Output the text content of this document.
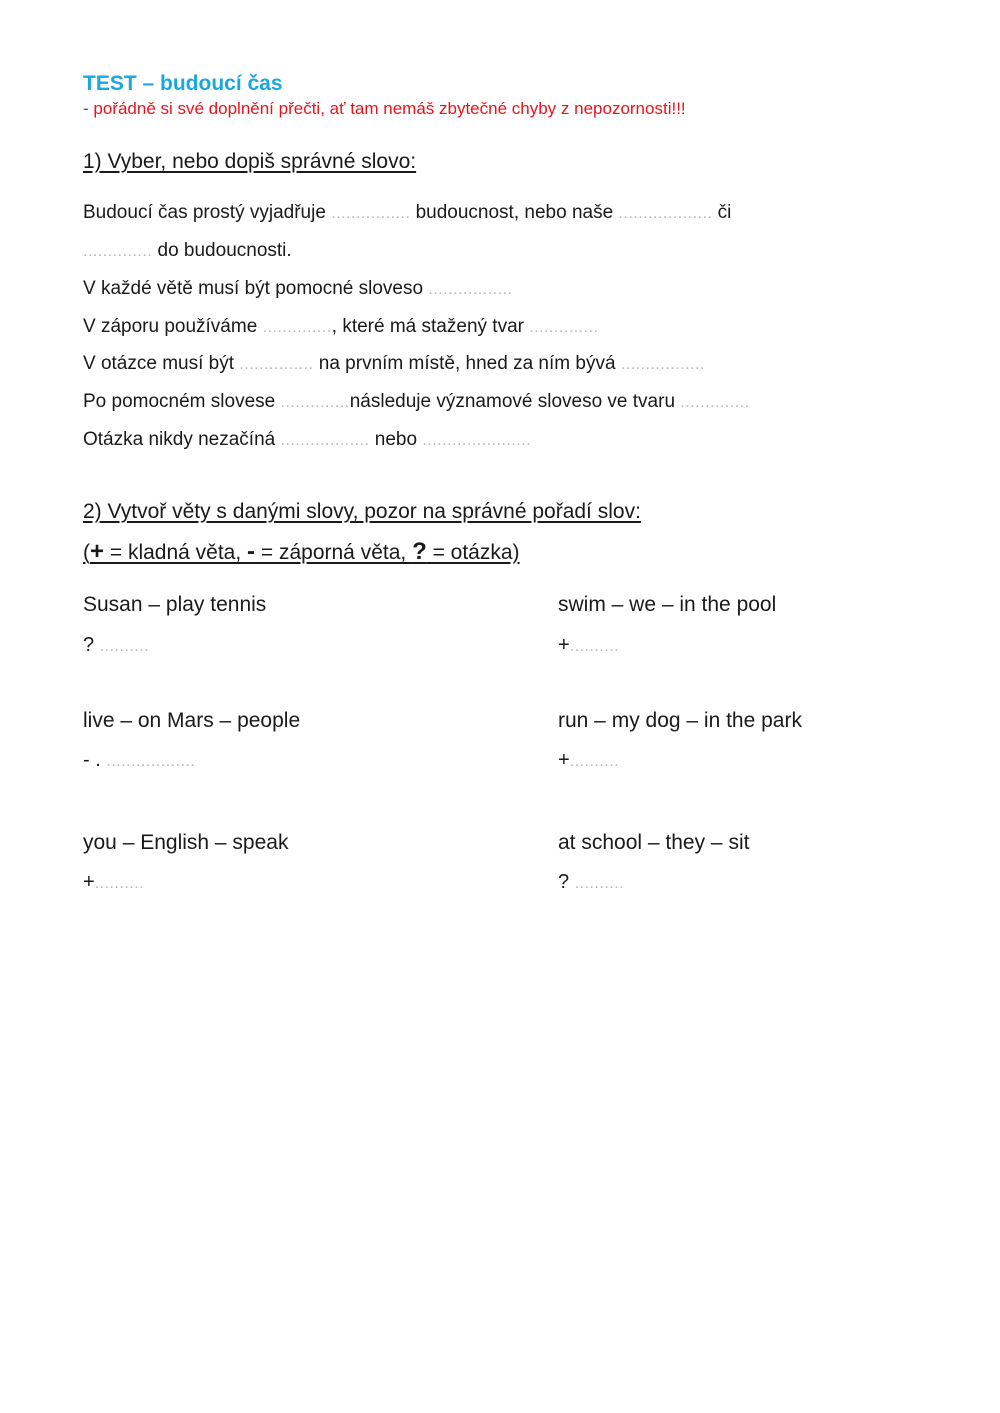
TEST – budoucí čas
- pořádně si své doplnění přečti, ať tam nemáš zbytečné chyby z nepozornosti!!!
1) Vyber, nebo dopiš správné slovo:
Budoucí čas prostý vyjadřuje ................ budoucnost, nebo naše ................... či
.............. do budoucnosti.
V každé větě musí být pomocné sloveso .................
V záporu používáme .............., které má stažený tvar ..............
V otázce musí být ............... na prvním místě, hned za ním bývá .................
Po pomocném slovese ..............následuje významové sloveso ve tvaru ..............
Otázka nikdy nezačíná .................. nebo ......................
2) Vytvoř věty s danými slovy, pozor na správné pořadí slov:
(+ = kladná věta, - = záporná věta, ? = otázka)
Susan – play tennis
? ..........
swim – we – in the pool
+..........
live – on Mars – people
- . ..................
run – my dog – in the park
+..........
you – English – speak
+..........
at school – they – sit
? ..........
